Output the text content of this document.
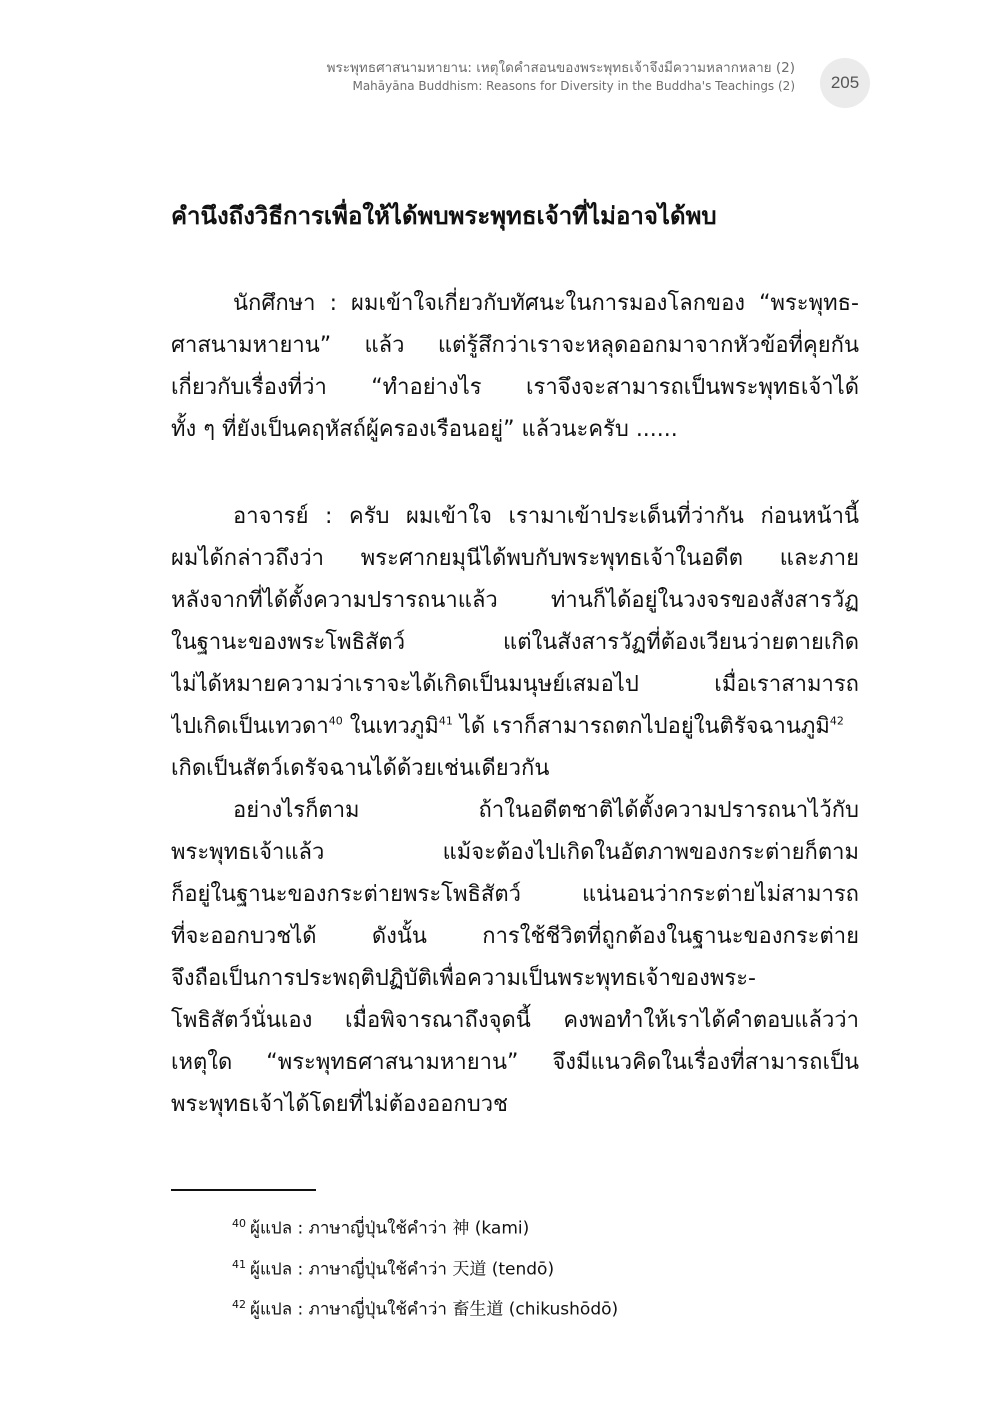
พระพุทธศาสนามหายาน: เหตุใดคำสอนของพระพุทธเจ้าจึงมีความหลากหลาย (2)
Mahāyāna Buddhism: Reasons for Diversity in the Buddha's Teachings (2)	205
คำนึงถึงวิธีการเพื่อให้ได้พบพระพุทธเจ้าที่ไม่อาจได้พบ
นักศึกษา : ผมเข้าใจเกี่ยวกับทัศนะในการมองโลกของ “พระพุทธ-
ศาสนามหายาน” แล้ว แต่รู้สึกว่าเราจะหลุดออกมาจากหัวข้อที่คุยกัน
เกี่ยวกับเรื่องที่ว่า “ทำอย่างไร เราจึงจะสามารถเป็นพระพุทธเจ้าได้
ทั้ง ๆ ที่ยังเป็นคฤหัสถ์ผู้ครองเรือนอยู่” แล้วนะครับ ......
อาจารย์ : ครับ ผมเข้าใจ เรามาเข้าประเด็นที่ว่ากัน ก่อนหน้านี้
ผมได้กล่าวถึงว่า พระศากยมุนีได้พบกับพระพุทธเจ้าในอดีต และภาย
หลังจากที่ได้ตั้งความปรารถนาแล้ว ท่านก็ได้อยู่ในวงจรของสังสารวัฏ
ในฐานะของพระโพธิสัตว์ แต่ในสังสารวัฏที่ต้องเวียนว่ายตายเกิด
ไม่ได้หมายความว่าเราจะได้เกิดเป็นมนุษย์เสมอไป เมื่อเราสามารถ
ไปเกิดเป็นเทวดา$^{40}$ ในเทวภูมิ$^{41}$ ได้ เราก็สามารถตกไปอยู่ในติรัจฉานภูมิ$^{42}$
เกิดเป็นสัตว์เดรัจฉานได้ด้วยเช่นเดียวกัน
อย่างไรก็ตาม ถ้าในอดีตชาติได้ตั้งความปรารถนาไว้กับ
พระพุทธเจ้าแล้ว แม้จะต้องไปเกิดในอัตภาพของกระต่ายก็ตาม
ก็อยู่ในฐานะของกระต่ายพระโพธิสัตว์ แน่นอนว่ากระต่ายไม่สามารถ
ที่จะออกบวชได้ ดังนั้น การใช้ชีวิตที่ถูกต้องในฐานะของกระต่าย
จึงถือเป็นการประพฤติปฏิบัติเพื่อความเป็นพระพุทธเจ้าของพระ-
โพธิสัตว์นั่นเอง เมื่อพิจารณาถึงจุดนี้ คงพอทำให้เราได้คำตอบแล้วว่า
เหตุใด “พระพุทธศาสนามหายาน” จึงมีแนวคิดในเรื่องที่สามารถเป็น
พระพุทธเจ้าได้โดยที่ไม่ต้องออกบวช
$^{40}$ ผู้แปล : ภาษาญี่ปุ่นใช้คำว่า 神 (kami)
$^{41}$ ผู้แปล : ภาษาญี่ปุ่นใช้คำว่า 天道 (tendō)
$^{42}$ ผู้แปล : ภาษาญี่ปุ่นใช้คำว่า 畜生道 (chikushōdō)
